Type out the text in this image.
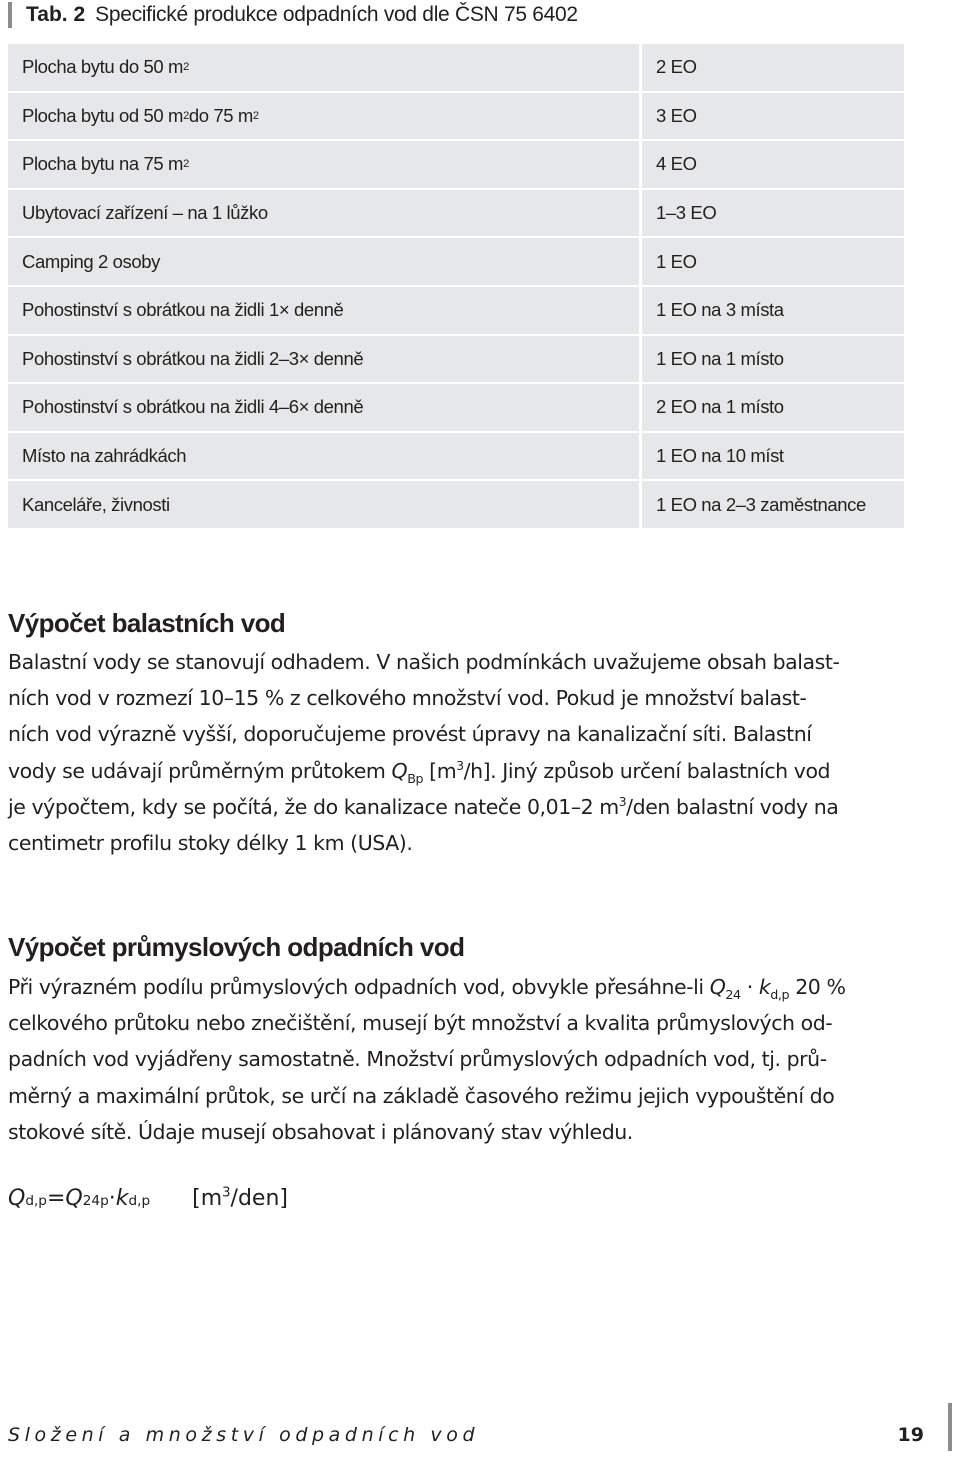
Tab. 2 Specifické produkce odpadních vod dle ČSN 75 6402
Plocha bytu do 50 m 2	2 EO
Plocha bytu od 50 m 2 do 75 m 2	3 EO
Plocha bytu na 75 m 2	4 EO
Ubytovací zařízení – na 1 lůžko	1–3 EO
Camping 2 osoby	1 EO
Pohostinství s obrátkou na židli 1× denně	1 EO na 3 místa
Pohostinství s obrátkou na židli 2–3× denně	1 EO na 1 místo
Pohostinství s obrátkou na židli 4–6× denně	2 EO na 1 místo
Místo na zahrádkách	1 EO na 10 míst
Kanceláře, živnosti	1 EO na 2–3 zaměstnance
Výpočet balastních vod
Balastní vody se stanovují odhadem. V našich podmínkách uvažujeme obsah balast-
ních vod v rozmezí 10–15 % z celkového množství vod. Pokud je množství balast-
ních vod výrazně vyšší, doporučujeme provést úpravy na kanalizační síti. Balastní
vody se udávají průměrným průtokem $Q_{Bp}$ $[m^3/h]$. Jiný způsob určení balastních vod
je výpočtem, kdy se počítá, že do kanalizace nateče 0,01–2 $m^3$/den balastní vody na
centimetr profilu stoky délky 1 km (USA).
Výpočet průmyslových odpadních vod
Při výrazném podílu průmyslových odpadních vod, obvykle přesáhne-li $Q_{24} \cdot k_{d,p}$ 20 %
celkového průtoku nebo znečištění, musejí být množství a kvalita průmyslových od-
padních vod vyjádřeny samostatně. Množství průmyslových odpadních vod, tj. prů-
měrný a maximální průtok, se určí na základě časového režimu jejich vypouštění do
stokové sítě. Údaje musejí obsahovat i plánovaný stav výhledu.
Q d,p = Q 24p · k d,p $[m^3/den]$
Složení a množství odpadních vod	19
